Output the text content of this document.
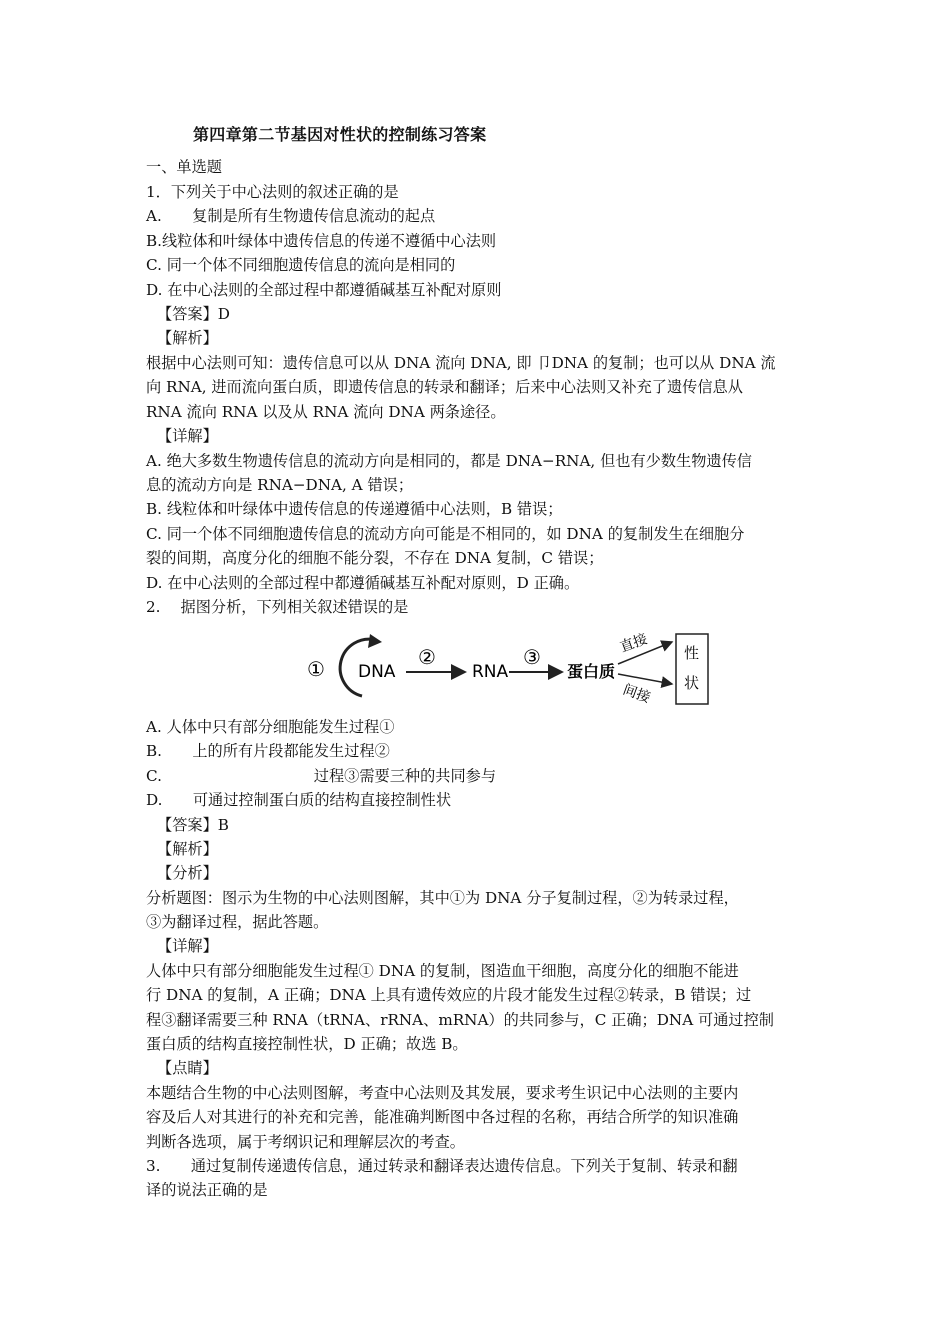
第四章第二节基因对性状的控制练习答案
一、单选题
1．下列关于中心法则的叙述正确的是
A.　　复制是所有生物遗传信息流动的起点
B.线粒体和叶绿体中遗传信息的传递不遵循中心法则
C. 同一个体不同细胞遗传信息的流向是相同的
D. 在中心法则的全部过程中都遵循碱基互补配对原则
【答案】D
【解析】
根据中心法则可知：遗传信息可以从 DNA 流向 DNA, 即 卩DNA 的复制；也可以从 DNA 流
向 RNA, 进而流向蛋白质，即遗传信息的转录和翻译；后来中心法则又补充了遗传信息从
RNA 流向 RNA 以及从 RNA 流向 DNA 两条途径。
【详解】
A. 绝大多数生物遗传信息的流动方向是相同的，都是 DNA−RNA, 但也有少数生物遗传信
息的流动方向是 RNA−DNA, A 错误；
B. 线粒体和叶绿体中遗传信息的传递遵循中心法则，B 错误；
C. 同一个体不同细胞遗传信息的流动方向可能是不相同的，如 DNA 的复制发生在细胞分
裂的间期，高度分化的细胞不能分裂，不存在 DNA 复制，C 错误；
D. 在中心法则的全部过程中都遵循碱基互补配对原则，D 正确。
2.　 据图分析，下列相关叙述错误的是
① DNA
②
RNA
③
蛋白质
直接
间接
性
状
A. 人体中只有部分细胞能发生过程①
B.　　上的所有片段都能发生过程②
C.　　　　　　　　　　过程③需要三种的共同参与
D.　　可通过控制蛋白质的结构直接控制性状
【答案】B
【解析】
【分析】
分析题图：图示为生物的中心法则图解，其中①为 DNA 分子复制过程，②为转录过程，
③为翻译过程，据此答题。
【详解】
人体中只有部分细胞能发生过程① DNA 的复制，图造血干细胞，高度分化的细胞不能进
行 DNA 的复制，A 正确；DNA 上具有遗传效应的片段才能发生过程②转录，B 错误；过
程③翻译需要三种 RNA（tRNA、rRNA、mRNA）的共同参与，C 正确；DNA 可通过控制
蛋白质的结构直接控制性状，D 正确；故选 B。
【点睛】
本题结合生物的中心法则图解，考查中心法则及其发展，要求考生识记中心法则的主要内
容及后人对其进行的补充和完善，能准确判断图中各过程的名称，再结合所学的知识准确
判断各选项，属于考纲识记和理解层次的考查。
3.　　通过复制传递遗传信息，通过转录和翻译表达遗传信息。下列关于复制、转录和翻
译的说法正确的是
